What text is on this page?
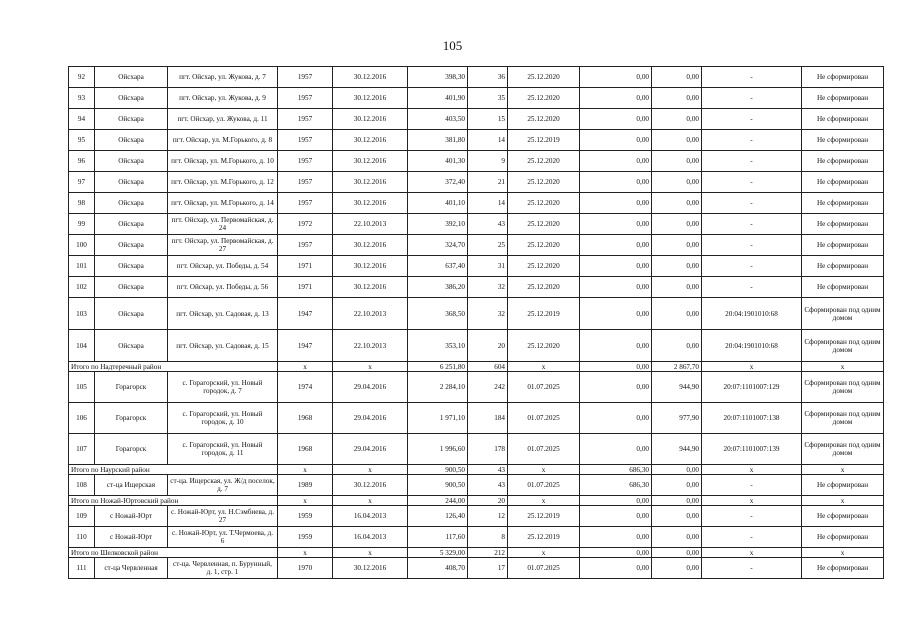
105
92	Ойсхара	пгт. Ойсхар, ул. Жукова, д. 7	1957	30.12.2016	398,30	36	25.12.2020	0,00	0,00	-	Не сформирован
93	Ойсхара	пгт. Ойсхар, ул. Жукова, д. 9	1957	30.12.2016	401,90	35	25.12.2020	0,00	0,00	-	Не сформирован
94	Ойсхара	пгт. Ойсхар, ул. Жукова, д. 11	1957	30.12.2016	403,50	15	25.12.2020	0,00	0,00	-	Не сформирован
95	Ойсхара	пгт. Ойсхар, ул. М.Горького, д. 8	1957	30.12.2016	381,80	14	25.12.2019	0,00	0,00	-	Не сформирован
96	Ойсхара	пгт. Ойсхар, ул. М.Горького, д. 10	1957	30.12.2016	401,30	9	25.12.2020	0,00	0,00	-	Не сформирован
97	Ойсхара	пгт. Ойсхар, ул. М.Горького, д. 12	1957	30.12.2016	372,40	21	25.12.2020	0,00	0,00	-	Не сформирован
98	Ойсхара	пгт. Ойсхар, ул. М.Горького, д. 14	1957	30.12.2016	401,10	14	25.12.2020	0,00	0,00	-	Не сформирован
99	Ойсхара	пгт. Ойсхар, ул. Первомайская, д. 24	1972	22.10.2013	392,10	43	25.12.2020	0,00	0,00	-	Не сформирован
100	Ойсхара	пгт. Ойсхар, ул. Первомайская, д. 27	1957	30.12.2016	324,70	25	25.12.2020	0,00	0,00	-	Не сформирован
101	Ойсхара	пгт. Ойсхар, ул. Победы, д. 54	1971	30.12.2016	637,40	31	25.12.2020	0,00	0,00	-	Не сформирован
102	Ойсхара	пгт. Ойсхар, ул. Победы, д. 56	1971	30.12.2016	386,20	32	25.12.2020	0,00	0,00	-	Не сформирован
103	Ойсхара	пгт. Ойсхар, ул. Садовая, д. 13	1947	22.10.2013	368,50	32	25.12.2019	0,00	0,00	20:04:1901010:68	Сформирован под одним домом
104	Ойсхара	пгт. Ойсхар, ул. Садовая, д. 15	1947	22.10.2013	353,10	20	25.12.2020	0,00	0,00	20:04:1901010:68	Сформирован под одним домом
Итого по Надтеречный район			х	х	6 251,80	604	х	0,00	2 867,70	х	х
105	Горагорск	с. Горагорский, ул. Новый городок, д. 7	1974	29.04.2016	2 284,10	242	01.07.2025	0,00	944,90	20:07:1101007:129	Сформирован под одним домом
106	Горагорск	с. Горагорский, ул. Новый городок, д. 10	1968	29.04.2016	1 971,10	184	01.07.2025	0,00	977,90	20:07:1101007:138	Сформирован под одним домом
107	Горагорск	с. Горагорский, ул. Новый городок, д. 11	1968	29.04.2016	1 996,60	178	01.07.2025	0,00	944,90	20:07:1101007:139	Сформирован под одним домом
Итого по Наурский район			х	х	900,50	43	х	686,30	0,00	х	х
108	ст-ца Ищерская	ст-ца. Ищерская, ул. Ж/д поселок, д. 7	1989	30.12.2016	900,50	43	01.07.2025	686,30	0,00	-	Не сформирован
Итого по Ножай-Юртовский район			х	х	244,00	20	х	0,00	0,00	х	х
109	с Ножай-Юрт	с. Ножай-Юрт, ул. Н.Сэмбиева, д. 27	1959	16.04.2013	126,40	12	25.12.2019	0,00	0,00	-	Не сформирован
110	с Ножай-Юрт	с. Ножай-Юрт, ул. Т.Чермоева, д. 6	1959	16.04.2013	117,60	8	25.12.2019	0,00	0,00	-	Не сформирован
Итого по Шелковской район			х	х	5 329,00	212	х	0,00	0,00	х	х
111	ст-ца Червленная	ст-ца. Червленная, п. Бурунный, д. 1, стр. 1	1970	30.12.2016	408,70	17	01.07.2025	0,00	0,00	-	Не сформирован
